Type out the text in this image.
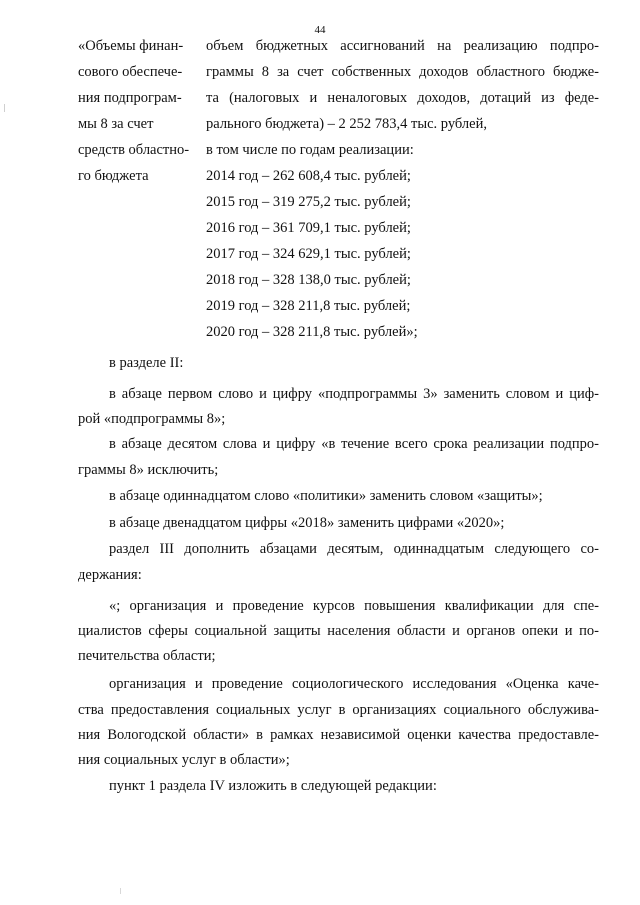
44
«Объемы финан-
сового обеспече-
ния подпрограм-
мы 8 за счет
средств областно-
го бюджета
объем бюджетных ассигнований на реализацию подпро-
граммы 8 за счет собственных доходов областного бюдже-
та (налоговых и неналоговых доходов, дотаций из феде-
рального бюджета) – 2 252 783,4 тыс. рублей,
в том числе по годам реализации:
2014 год – 262 608,4 тыс. рублей;
2015 год – 319 275,2 тыс. рублей;
2016 год – 361 709,1 тыс. рублей;
2017 год – 324 629,1 тыс. рублей;
2018 год – 328 138,0 тыс. рублей;
2019 год – 328 211,8 тыс. рублей;
2020 год – 328 211,8 тыс. рублей»;
в разделе II:
в абзаце первом слово и цифру «подпрограммы 3» заменить словом и циф-
рой «подпрограммы 8»;
в абзаце десятом слова и цифру «в течение всего срока реализации подпро-
граммы 8» исключить;
в абзаце одиннадцатом слово «политики» заменить словом «защиты»;
в абзаце двенадцатом цифры «2018» заменить цифрами «2020»;
раздел III дополнить абзацами десятым, одиннадцатым следующего со-
держания:
«; организация и проведение курсов повышения квалификации для спе-
циалистов сферы социальной защиты населения области и органов опеки и по-
печительства области;
организация и проведение социологического исследования «Оценка каче-
ства предоставления социальных услуг в организациях социального обслужива-
ния Вологодской области» в рамках независимой оценки качества предоставле-
ния социальных услуг в области»;
пункт 1 раздела IV изложить в следующей редакции:
